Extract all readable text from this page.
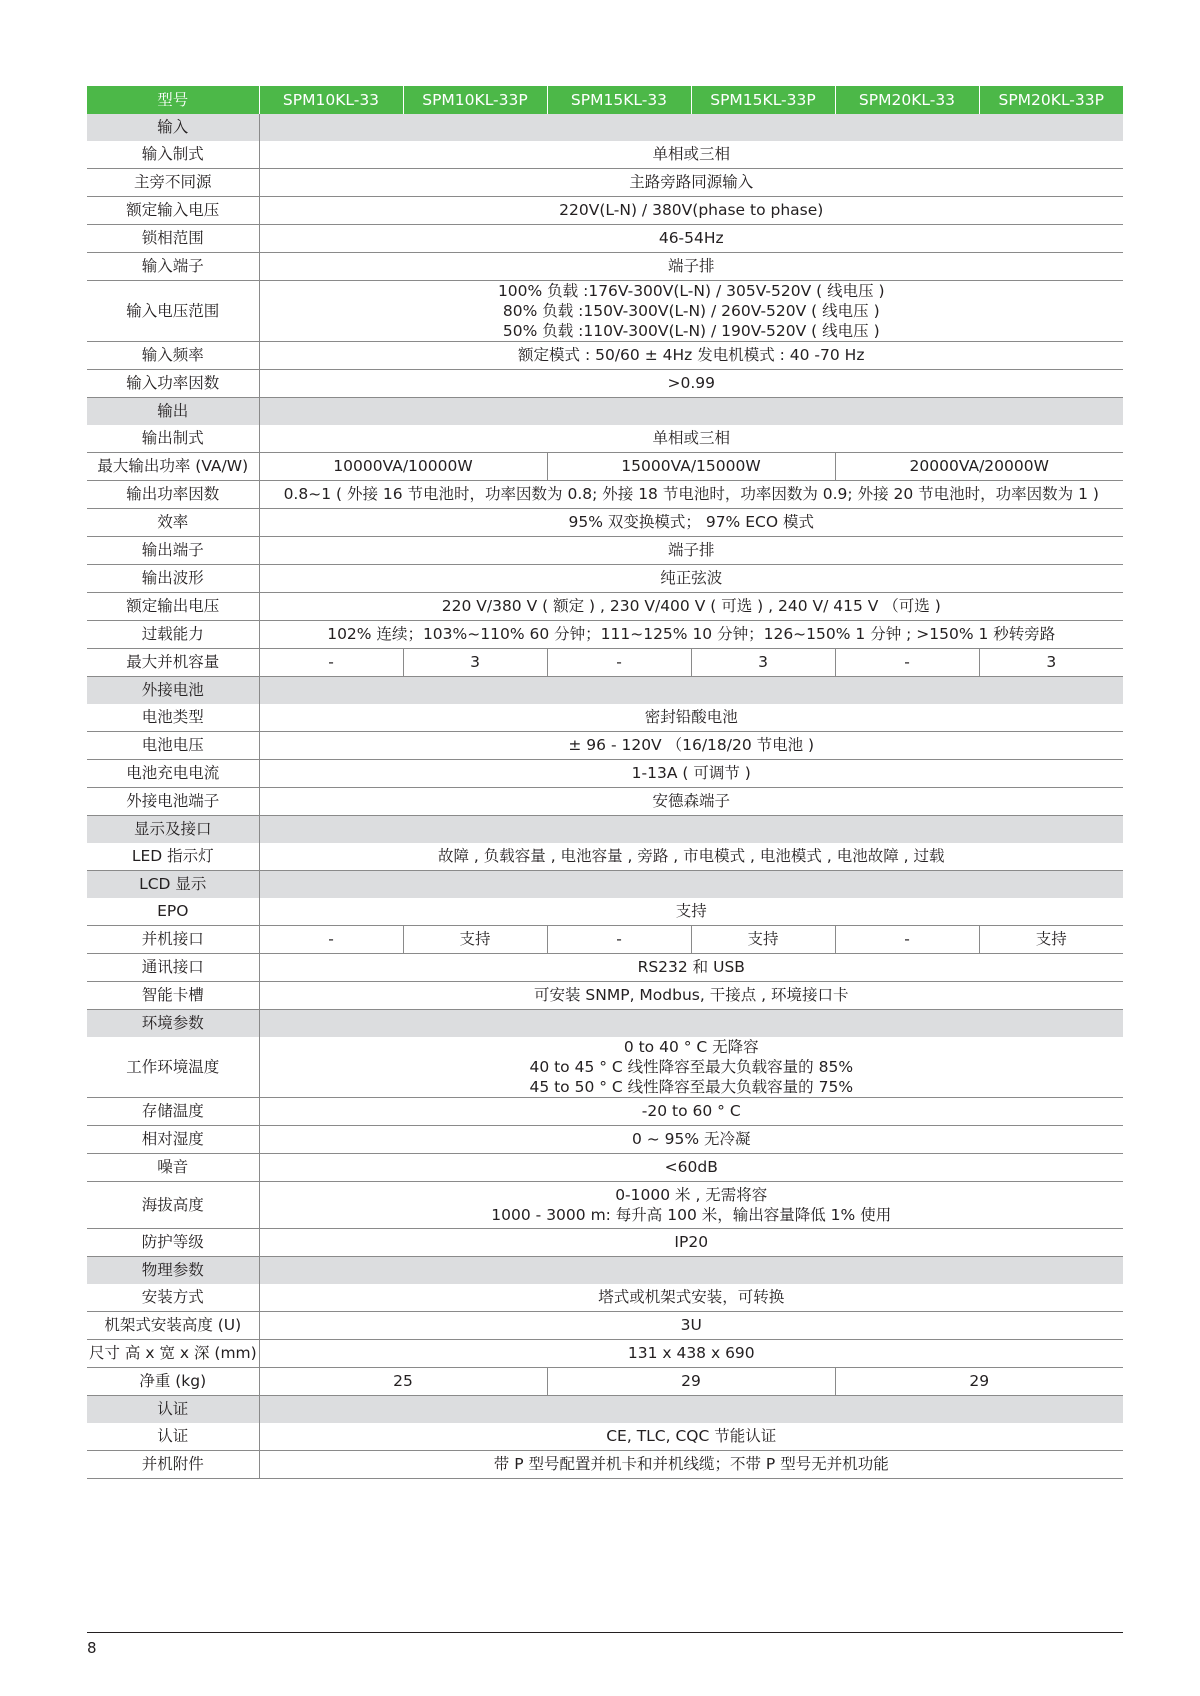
型号	SPM10KL-33	SPM10KL-33P	SPM15KL-33	SPM15KL-33P	SPM20KL-33	SPM20KL-33P
输入						
输入制式	单相或三相					
主旁不同源	主路旁路同源输入					
额定输入电压	220V(L-N) / 380V(phase to phase)					
锁相范围	46-54Hz					
输入端子	端子排					
输入电压范围	100% 负载 :176V-300V(L-N) / 305V-520V ( 线电压 )
80% 负载 :150V-300V(L-N) / 260V-520V ( 线电压 )
50% 负载 :110V-300V(L-N) / 190V-520V ( 线电压 )					
输入频率	额定模式 : 50/60 ± 4Hz 发电机模式 : 40 -70 Hz					
输入功率因数	>0.99					
输出						
输出制式	单相或三相					
最大输出功率 (VA/W)	10000VA/10000W		15000VA/15000W		20000VA/20000W	
输出功率因数	0.8~1 ( 外接 16 节电池时，功率因数为 0.8; 外接 18 节电池时，功率因数为 0.9; 外接 20 节电池时，功率因数为 1 )					
效率	95% 双变换模式； 97% ECO 模式					
输出端子	端子排					
输出波形	纯正弦波					
额定输出电压	220 V/380 V ( 额定 ) , 230 V/400 V ( 可选 ) , 240 V/ 415 V （可选 )					
过载能力	102% 连续；103%~110% 60 分钟；111~125% 10 分钟；126~150% 1 分钟 ; >150% 1 秒转旁路					
最大并机容量	-	3	-	3	-	3
外接电池						
电池类型	密封铅酸电池					
电池电压	± 96 - 120V （16/18/20 节电池 )					
电池充电电流	1-13A ( 可调节 )					
外接电池端子	安德森端子					
显示及接口						
LED 指示灯	故障 , 负载容量 , 电池容量 , 旁路 , 市电模式 , 电池模式 , 电池故障 , 过载					
LCD 显示						
EPO	支持					
并机接口	-	支持	-	支持	-	支持
通讯接口	RS232 和 USB					
智能卡槽	可安装 SNMP, Modbus, 干接点 , 环境接口卡					
环境参数						
工作环境温度	0 to 40 ° C 无降容
40 to 45 ° C 线性降容至最大负载容量的 85%
45 to 50 ° C 线性降容至最大负载容量的 75%					
存储温度	-20 to 60 ° C					
相对湿度	0 ~ 95% 无冷凝					
噪音	<60dB					
海拔高度	0-1000 米 , 无需将容
1000 - 3000 m: 每升高 100 米，输出容量降低 1% 使用					
防护等级	IP20					
物理参数						
安装方式	塔式或机架式安装，可转换					
机架式安装高度 (U)	3U					
尺寸 高 x 宽 x 深 (mm)	131 x 438 x 690					
净重 (kg)	25		29		29	
认证						
认证	CE, TLC, CQC 节能认证					
并机附件	带 P 型号配置并机卡和并机线缆；不带 P 型号无并机功能					
8
